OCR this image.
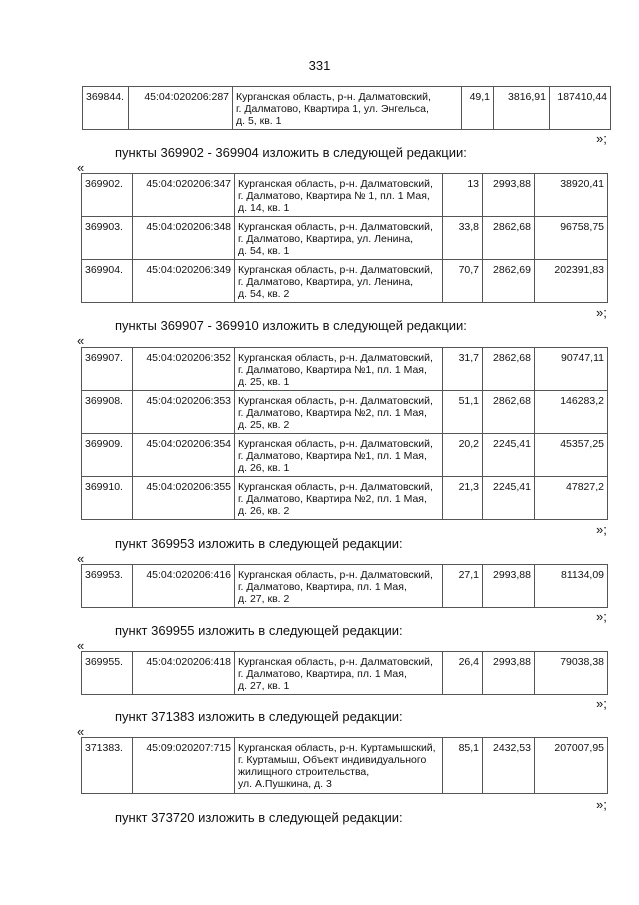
331
369844.	45:04:020206:287	Курганская область, р-н. Далматовский,
г. Далматово, Квартира 1, ул. Энгельса,
д. 5, кв. 1
	49,1	3816,91	187410,44
»;
пункты 369902 - 369904 изложить в следующей редакции:
«
369902.	45:04:020206:347	Курганская область, р-н. Далматовский,
г. Далматово, Квартира № 1, пл. 1 Мая,
д. 14, кв. 1	13	2993,88	38920,41
369903.	45:04:020206:348	Курганская область, р-н. Далматовский,
г. Далматово, Квартира, ул. Ленина,
д. 54, кв. 1	33,8	2862,68	96758,75
369904.	45:04:020206:349	Курганская область, р-н. Далматовский,
г. Далматово, Квартира, ул. Ленина,
д. 54, кв. 2	70,7	2862,69	202391,83
»;
пункты 369907 - 369910 изложить в следующей редакции:
«
369907.	45:04:020206:352	Курганская область, р-н. Далматовский,
г. Далматово, Квартира №1, пл. 1 Мая,
д. 25, кв. 1	31,7	2862,68	90747,11
369908.	45:04:020206:353	Курганская область, р-н. Далматовский,
г. Далматово, Квартира №2, пл. 1 Мая,
д. 25, кв. 2	51,1	2862,68	146283,2
369909.	45:04:020206:354	Курганская область, р-н. Далматовский,
г. Далматово, Квартира №1, пл. 1 Мая,
д. 26, кв. 1	20,2	2245,41	45357,25
369910.	45:04:020206:355	Курганская область, р-н. Далматовский,
г. Далматово, Квартира №2, пл. 1 Мая,
д. 26, кв. 2	21,3	2245,41	47827,2
»;
пункт 369953 изложить в следующей редакции:
«
369953.	45:04:020206:416	Курганская область, р-н. Далматовский,
г. Далматово, Квартира, пл. 1 Мая,
д. 27, кв. 2
	27,1	2993,88	81134,09
»;
пункт 369955 изложить в следующей редакции:
«
369955.	45:04:020206:418	Курганская область, р-н. Далматовский,
г. Далматово, Квартира, пл. 1 Мая,
д. 27, кв. 1
	26,4	2993,88	79038,38
»;
пункт 371383 изложить в следующей редакции:
«
371383.	45:09:020207:715	Курганская область, р-н. Куртамышский,
г. Куртамыш, Объект индивидуального
жилищного строительства,
ул. А.Пушкина, д. 3
	85,1	2432,53	207007,95
»;
пункт 373720 изложить в следующей редакции:
